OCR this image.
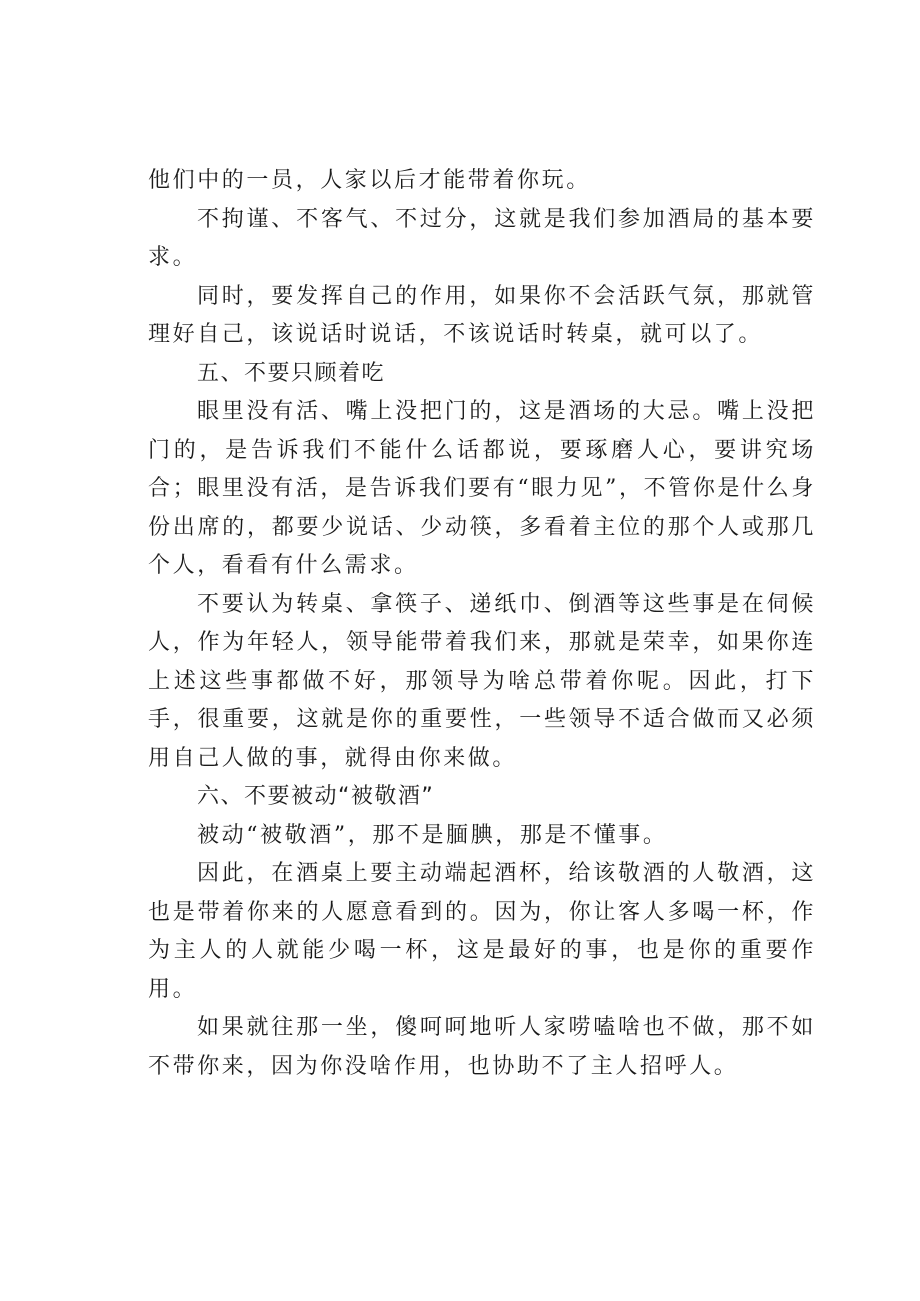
他们中的一员，人家以后才能带着你玩。

不拘谨、不客气、不过分，这就是我们参加酒局的基本要求。

同时，要发挥自己的作用，如果你不会活跃气氛，那就管理好自己，该说话时说话，不该说话时转桌，就可以了。

五、不要只顾着吃

眼里没有活、嘴上没把门的，这是酒场的大忌。嘴上没把门的，是告诉我们不能什么话都说，要琢磨人心，要讲究场合；眼里没有活，是告诉我们要有“眼力见”，不管你是什么身份出席的，都要少说话、少动筷，多看着主位的那个人或那几个人，看看有什么需求。

不要认为转桌、拿筷子、递纸巾、倒酒等这些事是在伺候人，作为年轻人，领导能带着我们来，那就是荣幸，如果你连上述这些事都做不好，那领导为啥总带着你呢。因此，打下手，很重要，这就是你的重要性，一些领导不适合做而又必须用自己人做的事，就得由你来做。

六、不要被动“被敬酒”

被动“被敬酒”，那不是腼腆，那是不懂事。

因此，在酒桌上要主动端起酒杯，给该敬酒的人敬酒，这也是带着你来的人愿意看到的。因为，你让客人多喝一杯，作为主人的人就能少喝一杯，这是最好的事，也是你的重要作用。

如果就往那一坐，傻呵呵地听人家唠嗑啥也不做，那不如不带你来，因为你没啥作用，也协助不了主人招呼人。
